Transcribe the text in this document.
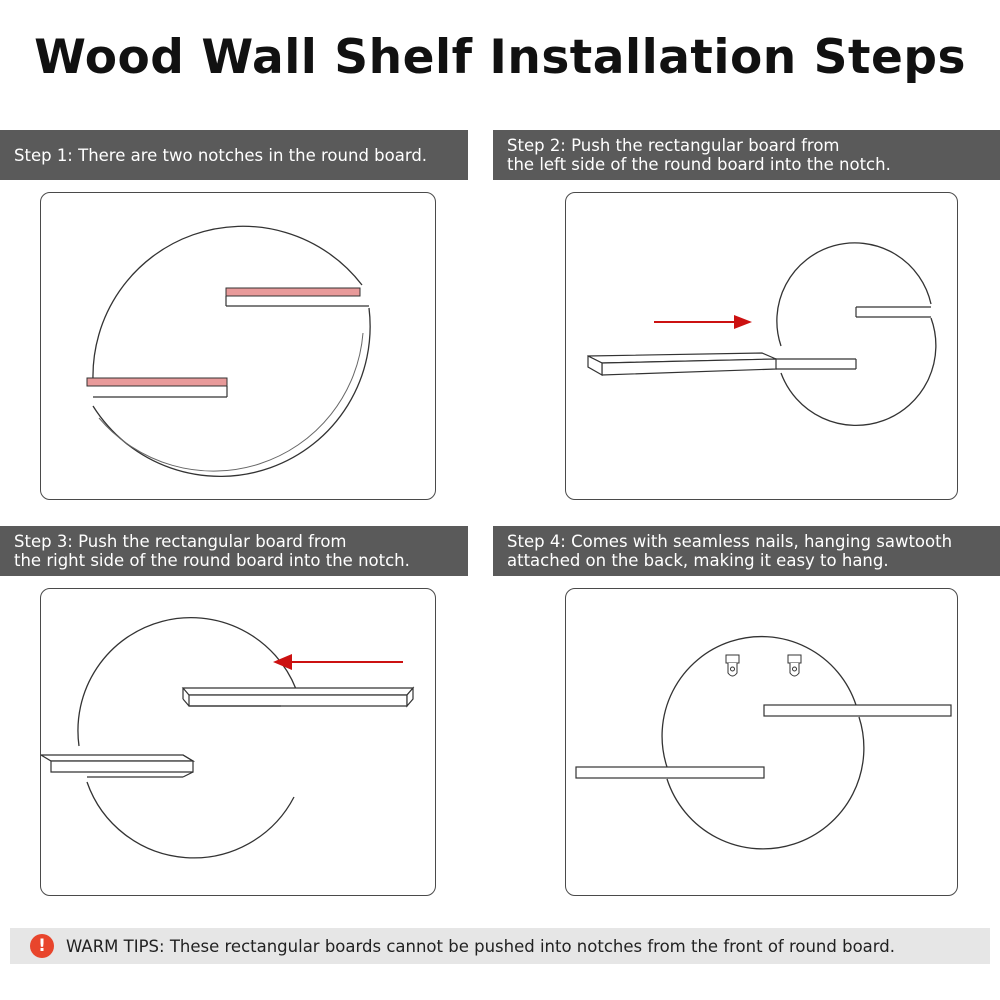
Wood Wall Shelf Installation Steps
Step 1: There are two notches in the round board.	Step 2: Push the rectangular board from
the left side of the round board into the notch.
Step 3: Push the rectangular board from
the right side of the round board into the notch.
Step 4: Comes with seamless nails, hanging sawtooth
attached on the back, making it easy to hang.
!	WARM TIPS: These rectangular boards cannot be pushed into notches from the front of round board.
